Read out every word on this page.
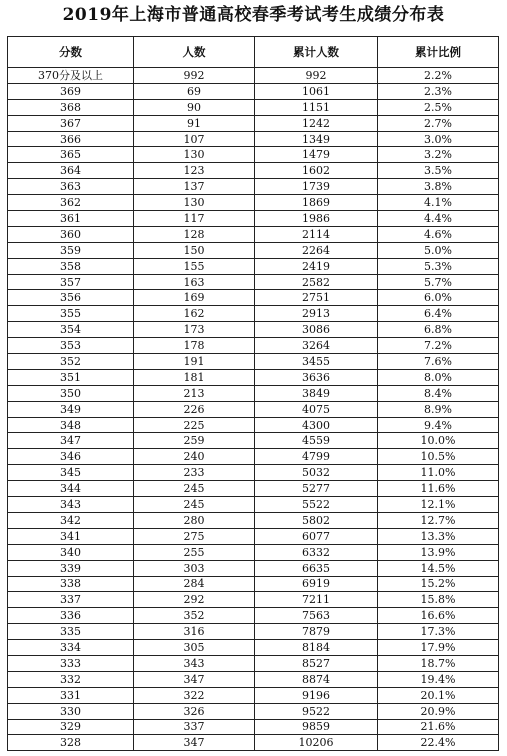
2019年上海市普通高校春季考试考生成绩分布表
分数	人数	累计人数	累计比例
370分及以上	992	992	2.2%
369	69	1061	2.3%
368	90	1151	2.5%
367	91	1242	2.7%
366	107	1349	3.0%
365	130	1479	3.2%
364	123	1602	3.5%
363	137	1739	3.8%
362	130	1869	4.1%
361	117	1986	4.4%
360	128	2114	4.6%
359	150	2264	5.0%
358	155	2419	5.3%
357	163	2582	5.7%
356	169	2751	6.0%
355	162	2913	6.4%
354	173	3086	6.8%
353	178	3264	7.2%
352	191	3455	7.6%
351	181	3636	8.0%
350	213	3849	8.4%
349	226	4075	8.9%
348	225	4300	9.4%
347	259	4559	10.0%
346	240	4799	10.5%
345	233	5032	11.0%
344	245	5277	11.6%
343	245	5522	12.1%
342	280	5802	12.7%
341	275	6077	13.3%
340	255	6332	13.9%
339	303	6635	14.5%
338	284	6919	15.2%
337	292	7211	15.8%
336	352	7563	16.6%
335	316	7879	17.3%
334	305	8184	17.9%
333	343	8527	18.7%
332	347	8874	19.4%
331	322	9196	20.1%
330	326	9522	20.9%
329	337	9859	21.6%
328	347	10206	22.4%
